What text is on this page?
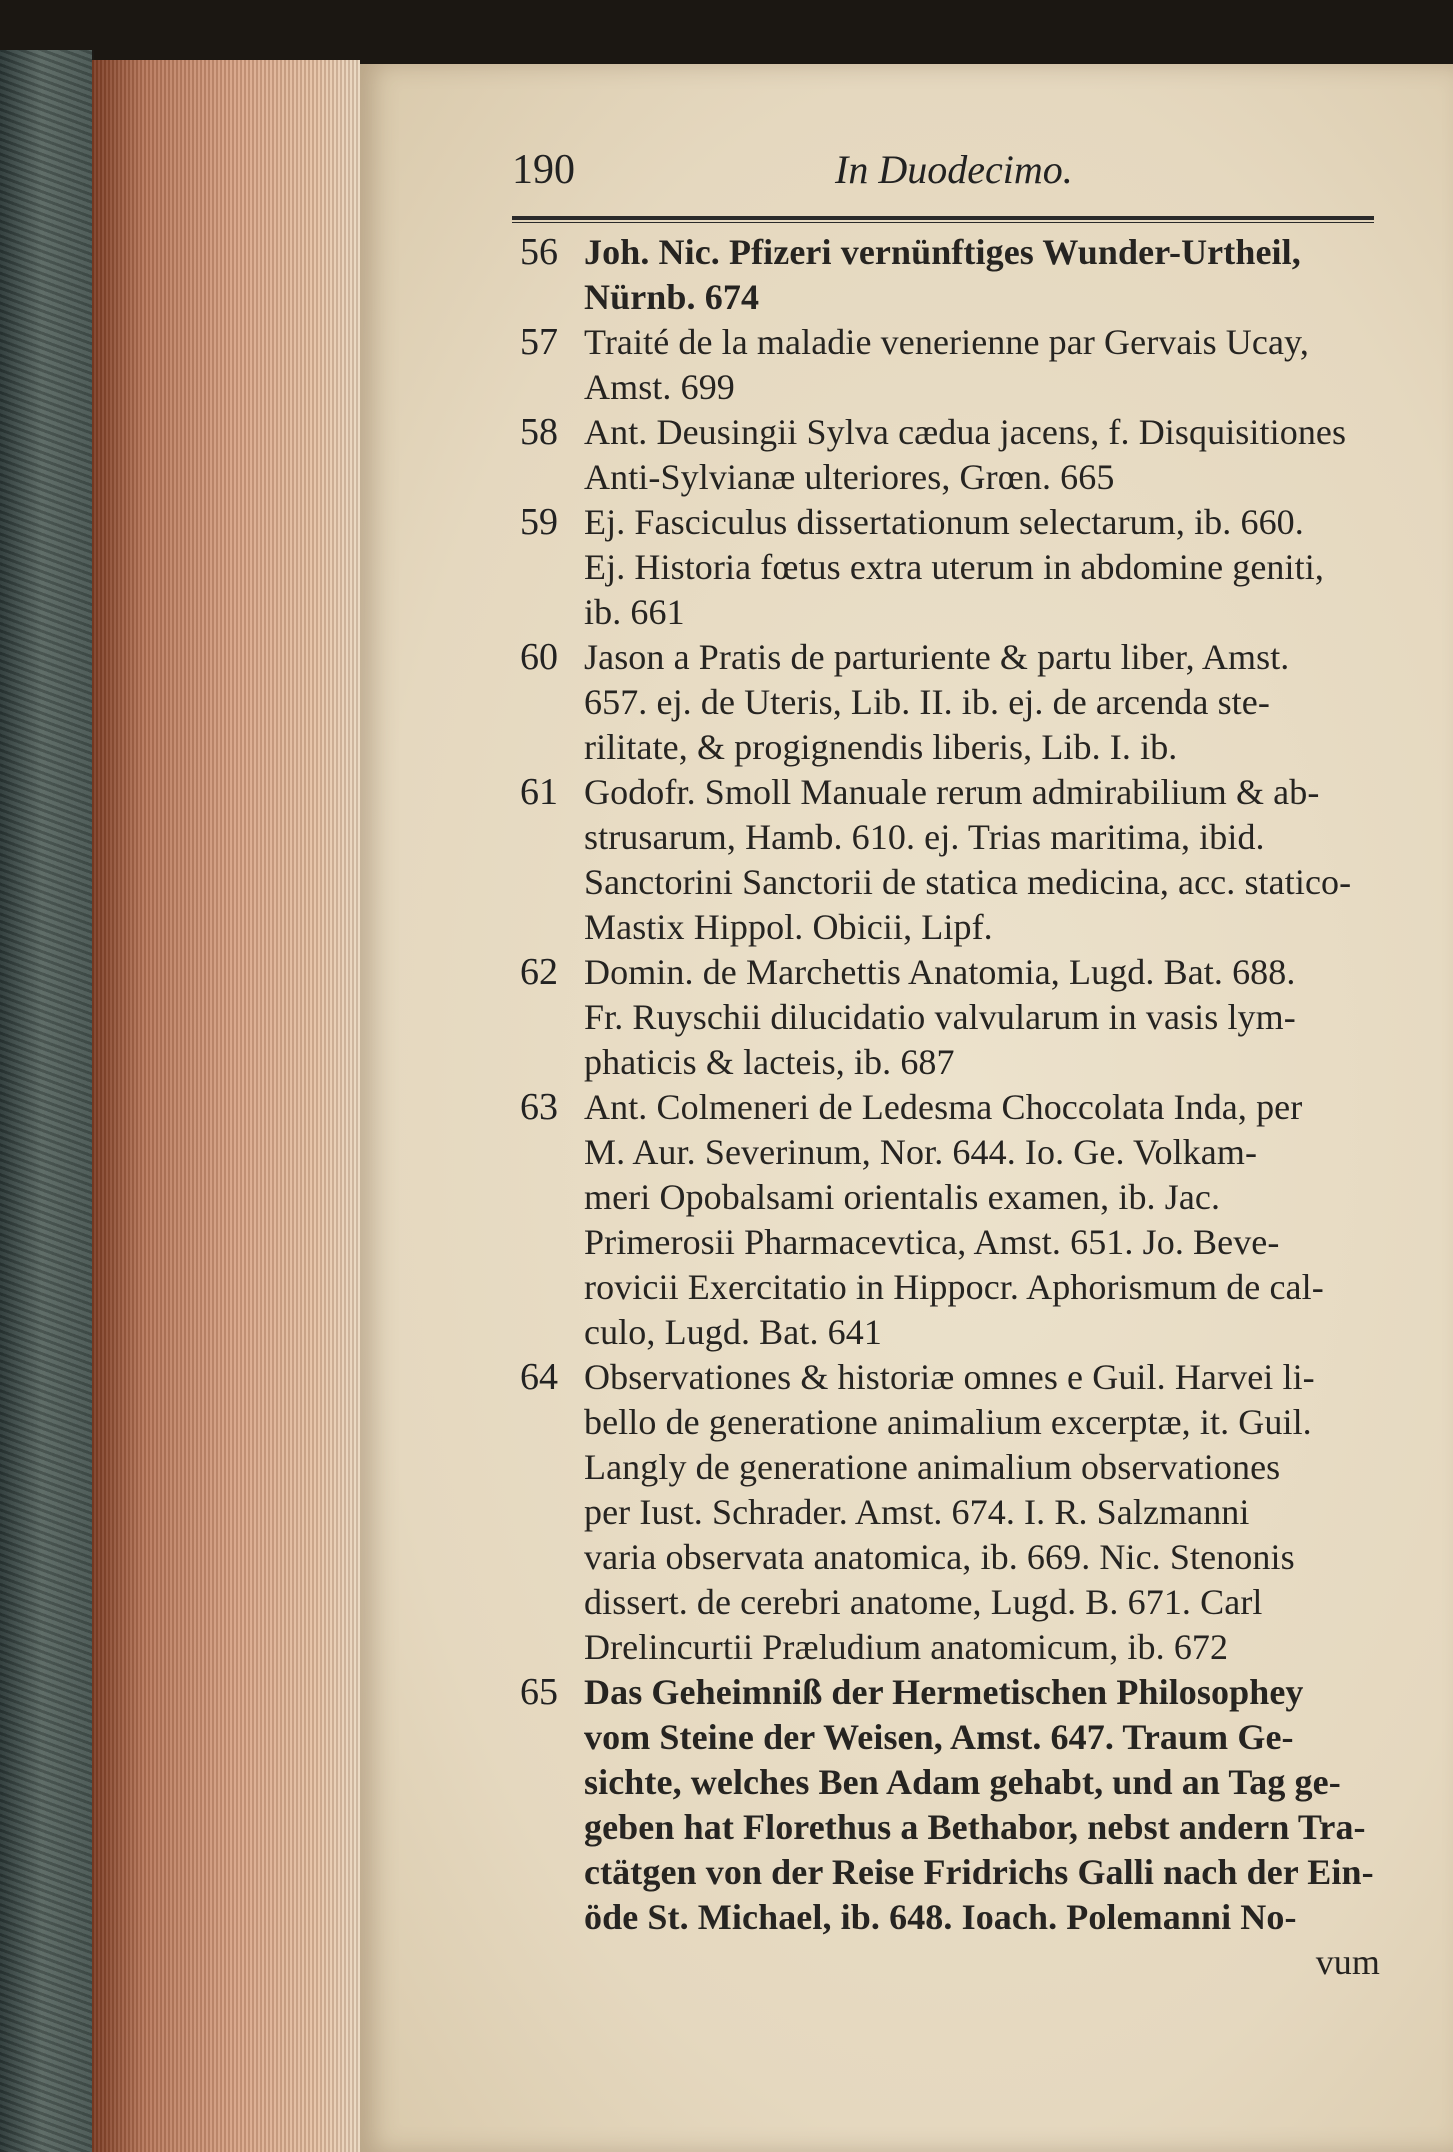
190	In Duodecimo.
56 Joh. Nic. Pfizeri vernünftiges Wunder-Urtheil,
Nürnb. 674
57 Traité de la maladie venerienne par Gervais Ucay,
Amst. 699
58 Ant. Deusingii Sylva cædua jacens, f. Disquisitiones
Anti-Sylvianæ ulteriores, Grœn. 665
59 Ej. Fasciculus dissertationum selectarum, ib. 660.
Ej. Historia fœtus extra uterum in abdomine geniti,
ib. 661
60 Jason a Pratis de parturiente & partu liber, Amst.
657. ej. de Uteris, Lib. II. ib. ej. de arcenda ste-
rilitate, & progignendis liberis, Lib. I. ib.
61 Godofr. Smoll Manuale rerum admirabilium & ab-
strusarum, Hamb. 610. ej. Trias maritima, ibid.
Sanctorini Sanctorii de statica medicina, acc. statico-
Mastix Hippol. Obicii, Lipf.
62 Domin. de Marchettis Anatomia, Lugd. Bat. 688.
Fr. Ruyschii dilucidatio valvularum in vasis lym-
phaticis & lacteis, ib. 687
63 Ant. Colmeneri de Ledesma Choccolata Inda, per
M. Aur. Severinum, Nor. 644. Io. Ge. Volkam-
meri Opobalsami orientalis examen, ib. Jac.
Primerosii Pharmacevtica, Amst. 651. Jo. Beve-
rovicii Exercitatio in Hippocr. Aphorismum de cal-
culo, Lugd. Bat. 641
64 Observationes & historiæ omnes e Guil. Harvei li-
bello de generatione animalium excerptæ, it. Guil.
Langly de generatione animalium observationes
per Iust. Schrader. Amst. 674. I. R. Salzmanni
varia observata anatomica, ib. 669. Nic. Stenonis
dissert. de cerebri anatome, Lugd. B. 671. Carl
Drelincurtii Præludium anatomicum, ib. 672
65 Das Geheimniß der Hermetischen Philosophey
vom Steine der Weisen, Amst. 647. Traum Ge-
sichte, welches Ben Adam gehabt, und an Tag ge-
geben hat Florethus a Bethabor, nebst andern Tra-
ctätgen von der Reise Fridrichs Galli nach der Ein-
öde St. Michael, ib. 648. Ioach. Polemanni No-
vum
